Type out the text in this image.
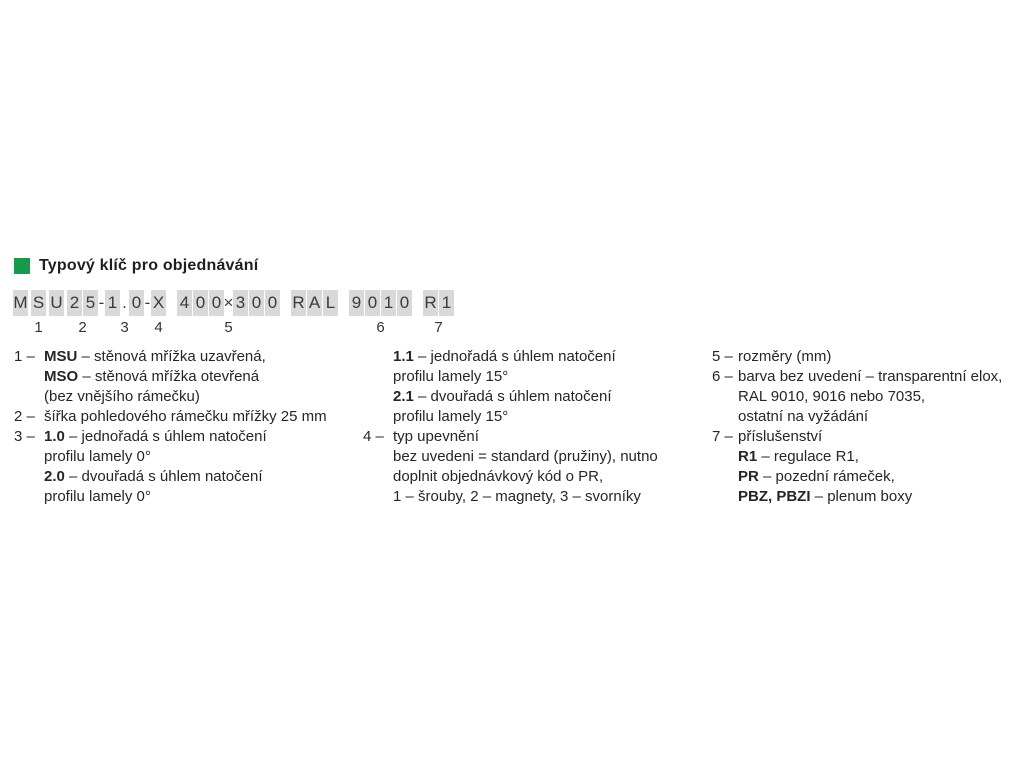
Typový klíč pro objednávání
M S
1
U 2 5
2
- 1 . 0
3
- X
4
4 0 0 × 3 0 0
5
R A L 9 0 1 0
6
R 1
7
1 – MSU – stěnová mřížka uzavřená,
MSO – stěnová mřížka otevřená
(bez vnějšího rámečku)
2 – šířka pohledového rámečku mřížky 25 mm
3 – 1.0 – jednořadá s úhlem natočení
profilu lamely 0°
2.0 – dvouřadá s úhlem natočení
profilu lamely 0°
1.1 – jednořadá s úhlem natočení
profilu lamely 15°
2.1 – dvouřadá s úhlem natočení
profilu lamely 15°
4 – typ upevnění
bez uvedeni = standard (pružiny), nutno
doplnit objednávkový kód o PR,
1 – šrouby, 2 – magnety, 3 – svorníky
5 – rozměry (mm)
6 – barva bez uvedení – transparentní elox,
RAL 9010, 9016 nebo 7035,
ostatní na vyžádání
7 – příslušenství
R1 – regulace R1,
PR – pozední rámeček,
PBZ, PBZI – plenum boxy
